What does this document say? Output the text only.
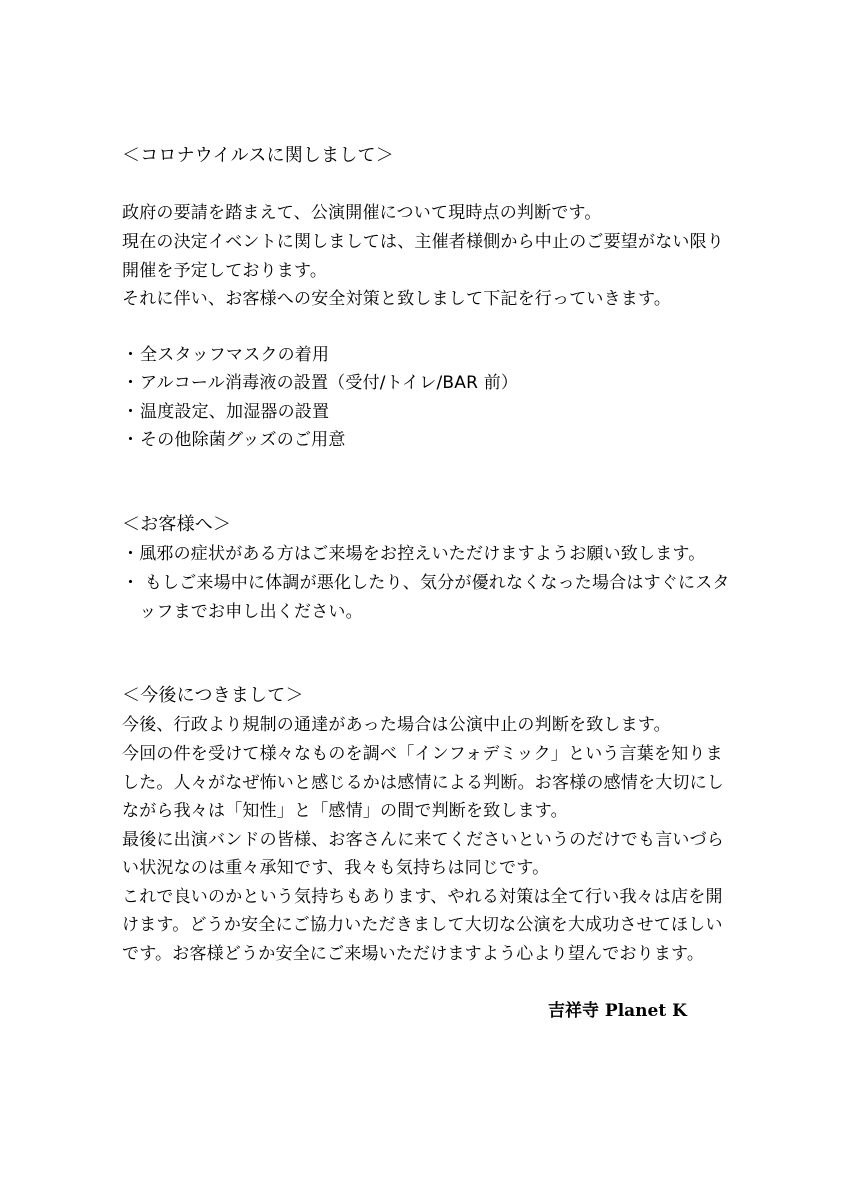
＜コロナウイルスに関しまして＞
政府の要請を踏まえて、公演開催について現時点の判断です。
現在の決定イベントに関しましては、主催者様側から中止のご要望がない限り
開催を予定しております。
それに伴い、お客様への安全対策と致しまして下記を行っていきます。
・全スタッフマスクの着用
・アルコール消毒液の設置（受付/トイレ/BAR 前）
・温度設定、加湿器の設置
・その他除菌グッズのご用意
＜お客様へ＞
・風邪の症状がある方はご来場をお控えいただけますようお願い致します。
・ もしご来場中に体調が悪化したり、気分が優れなくなった場合はすぐにスタ
　ッフまでお申し出ください。
＜今後につきまして＞
今後、行政より規制の通達があった場合は公演中止の判断を致します。
今回の件を受けて様々なものを調べ「インフォデミック」という言葉を知りま
した。人々がなぜ怖いと感じるかは感情による判断。お客様の感情を大切にし
ながら我々は「知性」と「感情」の間で判断を致します。
最後に出演バンドの皆様、お客さんに来てくださいというのだけでも言いづら
い状況なのは重々承知です、我々も気持ちは同じです。
これで良いのかという気持ちもあります、やれる対策は全て行い我々は店を開
けます。どうか安全にご協力いただきまして大切な公演を大成功させてほしい
です。お客様どうか安全にご来場いただけますよう心より望んでおります。
吉祥寺 Planet K
